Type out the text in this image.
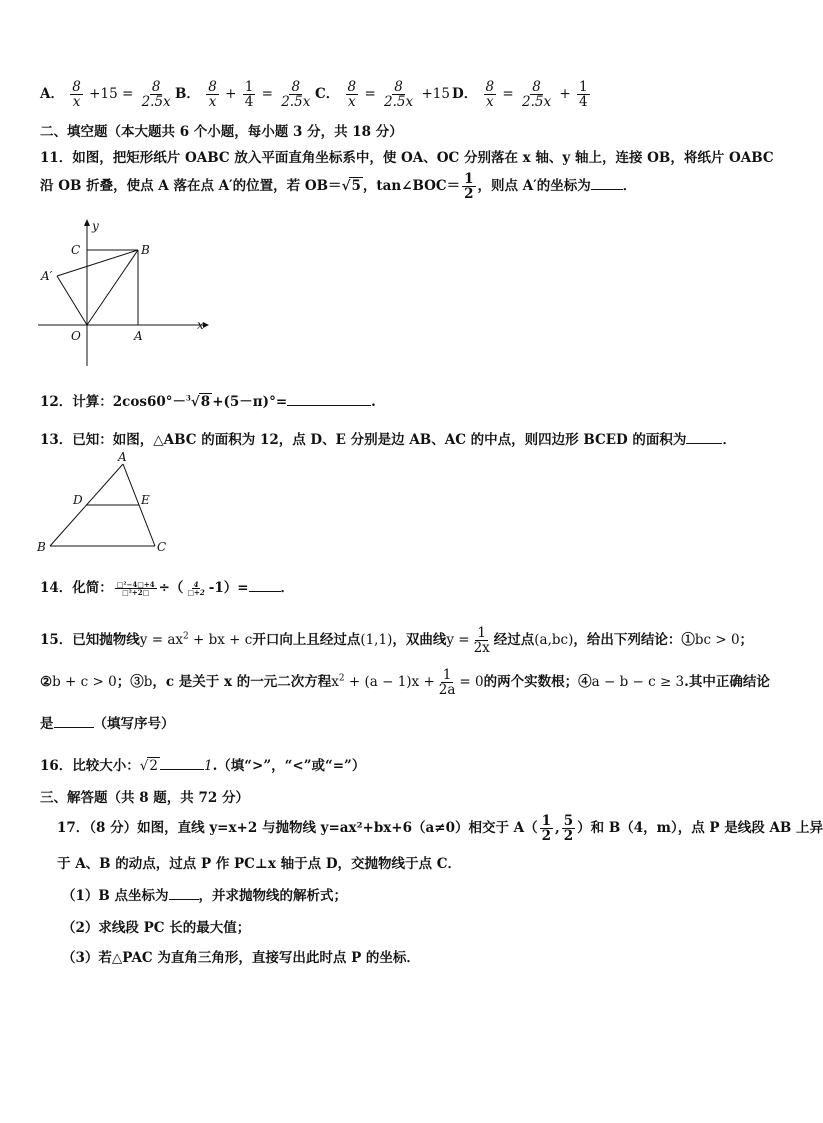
A． $\frac{8}{x} +15 = \frac{8}{2.5x}$ B． $\frac{8}{x} + \frac{1}{4} = \frac{8}{2.5x}$ C． $\frac{8}{x} = \frac{8}{2.5x} +15$ D． $\frac{8}{x} = \frac{8}{2.5x} + \frac{1}{4}$
二、填空题（本大题共 6 个小题，每小题 3 分，共 18 分）
11．如图，把矩形纸片 OABC 放入平面直角坐标系中，使 OA、OC 分别落在 x 轴、y 轴上，连接 OB，将纸片 OABC
沿 OB 折叠，使点 A 落在点 A′的位置，若 OB＝√5 ，tan∠BOC＝ $\frac{1}{2}$ ，则点 A′的坐标为 ．
y
x
C	B
A′
O	A
12．计算：2cos60°－$^3$√8 +(5－π)°=	.
13．已知：如图，△ABC 的面积为 12，点 D、E 分别是边 AB、AC 的中点，则四边形 BCED 的面积为	．
A
D	E
B	C
14．化简： $\frac{\text{□²−4□+4}}{\text{□²+2□}}$ ÷（ $\frac{4}{□+2} -1)=$ ．
15．已知抛物线$y = ax^2$ + bx + c开口向上且经过点(1,1)，双曲线$y = \frac{1}{2x}$ 经过点(a,bc)，给出下列结论：①bc > 0；
②b + c > 0；③b，c 是关于 x 的一元二次方程$x^2 + (a - 1)x + \frac{1}{2a} = 0$的两个实数根；④a − b − c ≥ 3.其中正确结论
是	（填写序号）
16．比较大小：√2	1.（填“>”，“<”或“=”）
三、解答题（共 8 题，共 72 分）
17．（8 分）如图，直线 y=x+2 与抛物线 y=ax²+bx+6（a≠0）相交于 $A( \frac{1}{2}$ , $\frac{5}{2}$ ）和 B（4，m），点 P 是线段 AB 上异
于 A、B 的动点，过点 P 作 PC⊥x 轴于点 D，交抛物线于点 C．
（1）B 点坐标为 ，并求抛物线的解析式；
（2）求线段 PC 长的最大值；
（3）若△PAC 为直角三角形，直接写出此时点 P 的坐标．
